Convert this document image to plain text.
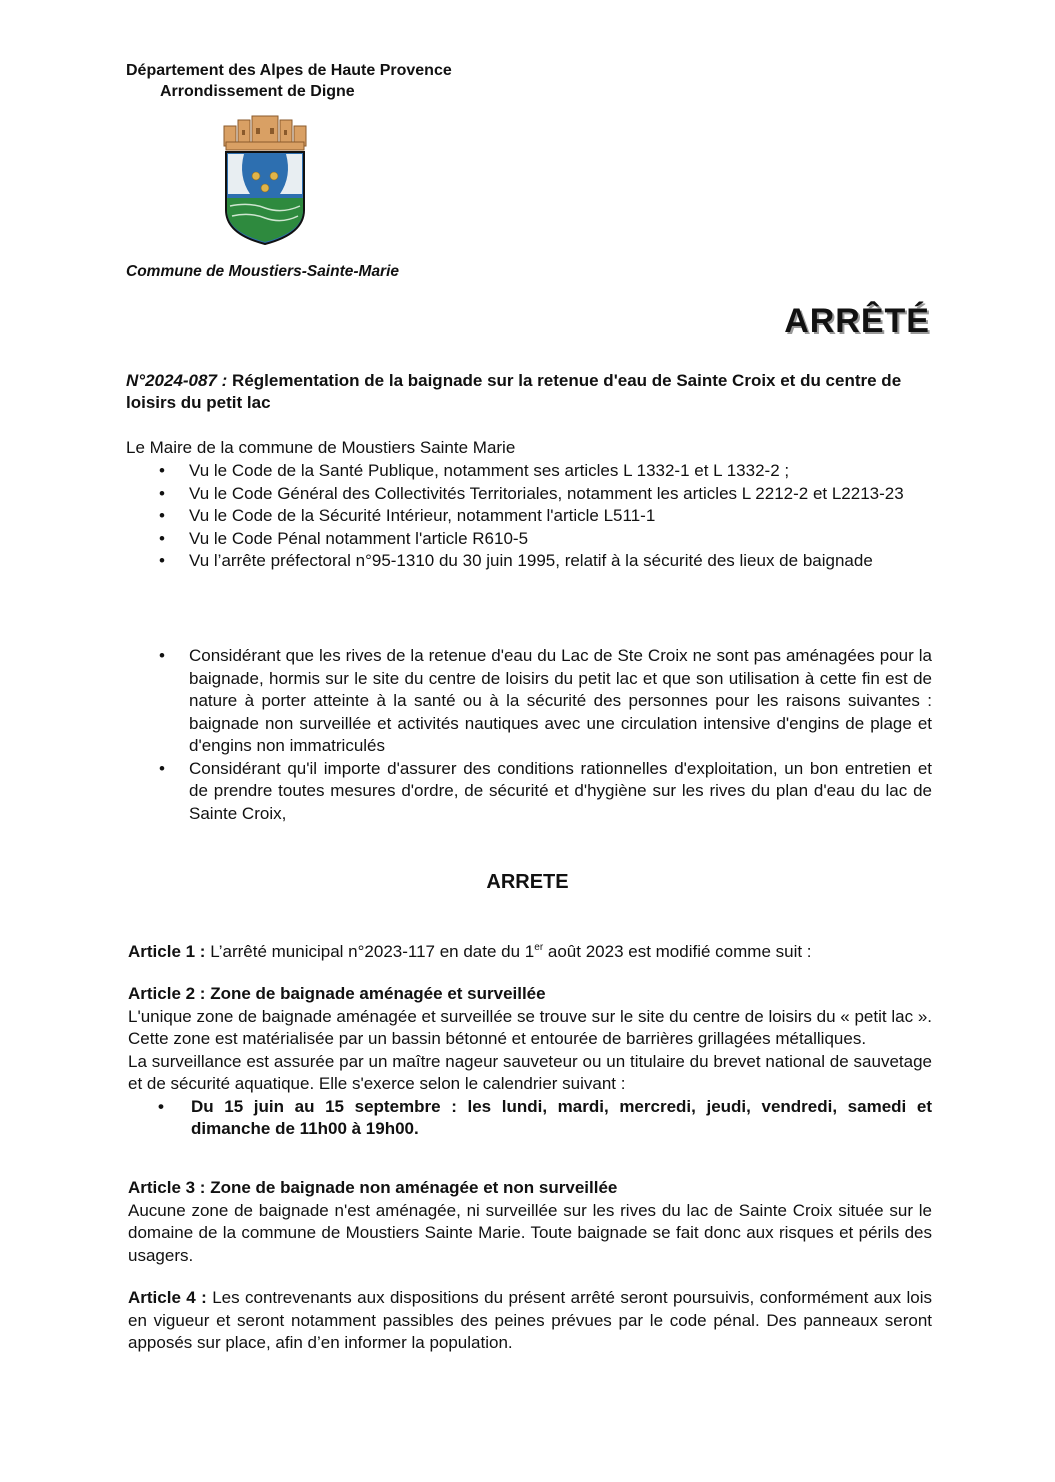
Département des Alpes de Haute Provence
Arrondissement de Digne
Commune de Moustiers-Sainte-Marie
ARRÊTÉ
N°2024-087 : Réglementation de la baignade sur la retenue d'eau de Sainte Croix et du centre de loisirs du petit lac
Le Maire de la commune de Moustiers Sainte Marie
• Vu le Code de la Santé Publique, notamment ses articles L 1332-1 et L 1332-2 ;
• Vu le Code Général des Collectivités Territoriales, notamment les articles L 2212-2 et L2213-23
• Vu le Code de la Sécurité Intérieur, notamment l'article L511-1
• Vu le Code Pénal notamment l'article R610-5
• Vu l’arrête préfectoral n°95-1310 du 30 juin 1995, relatif à la sécurité des lieux de baignade
• Considérant que les rives de la retenue d'eau du Lac de Ste Croix ne sont pas aménagées pour la baignade, hormis sur le site du centre de loisirs du petit lac et que son utilisation à cette fin est de nature à porter atteinte à la santé ou à la sécurité des personnes pour les raisons suivantes : baignade non surveillée et activités nautiques avec une circulation intensive d'engins de plage et d'engins non immatriculés
• Considérant qu'il importe d'assurer des conditions rationnelles d'exploitation, un bon entretien et de prendre toutes mesures d'ordre, de sécurité et d'hygiène sur les rives du plan d'eau du lac de Sainte Croix,
ARRETE
Article 1 : L’arrêté municipal n°2023-117 en date du 1er août 2023 est modifié comme suit :
Article 2 : Zone de baignade aménagée et surveillée
L'unique zone de baignade aménagée et surveillée se trouve sur le site du centre de loisirs du « petit lac ». Cette zone est matérialisée par un bassin bétonné et entourée de barrières grillagées métalliques.
La surveillance est assurée par un maître nageur sauveteur ou un titulaire du brevet national de sauvetage et de sécurité aquatique. Elle s'exerce selon le calendrier suivant :
• Du 15 juin au 15 septembre : les lundi, mardi, mercredi, jeudi, vendredi, samedi et dimanche de 11h00 à 19h00.
Article 3 : Zone de baignade non aménagée et non surveillée
Aucune zone de baignade n'est aménagée, ni surveillée sur les rives du lac de Sainte Croix située sur le domaine de la commune de Moustiers Sainte Marie. Toute baignade se fait donc aux risques et périls des usagers.
Article 4 : Les contrevenants aux dispositions du présent arrêté seront poursuivis, conformément aux lois en vigueur et seront notamment passibles des peines prévues par le code pénal. Des panneaux seront apposés sur place, afin d’en informer la population.
